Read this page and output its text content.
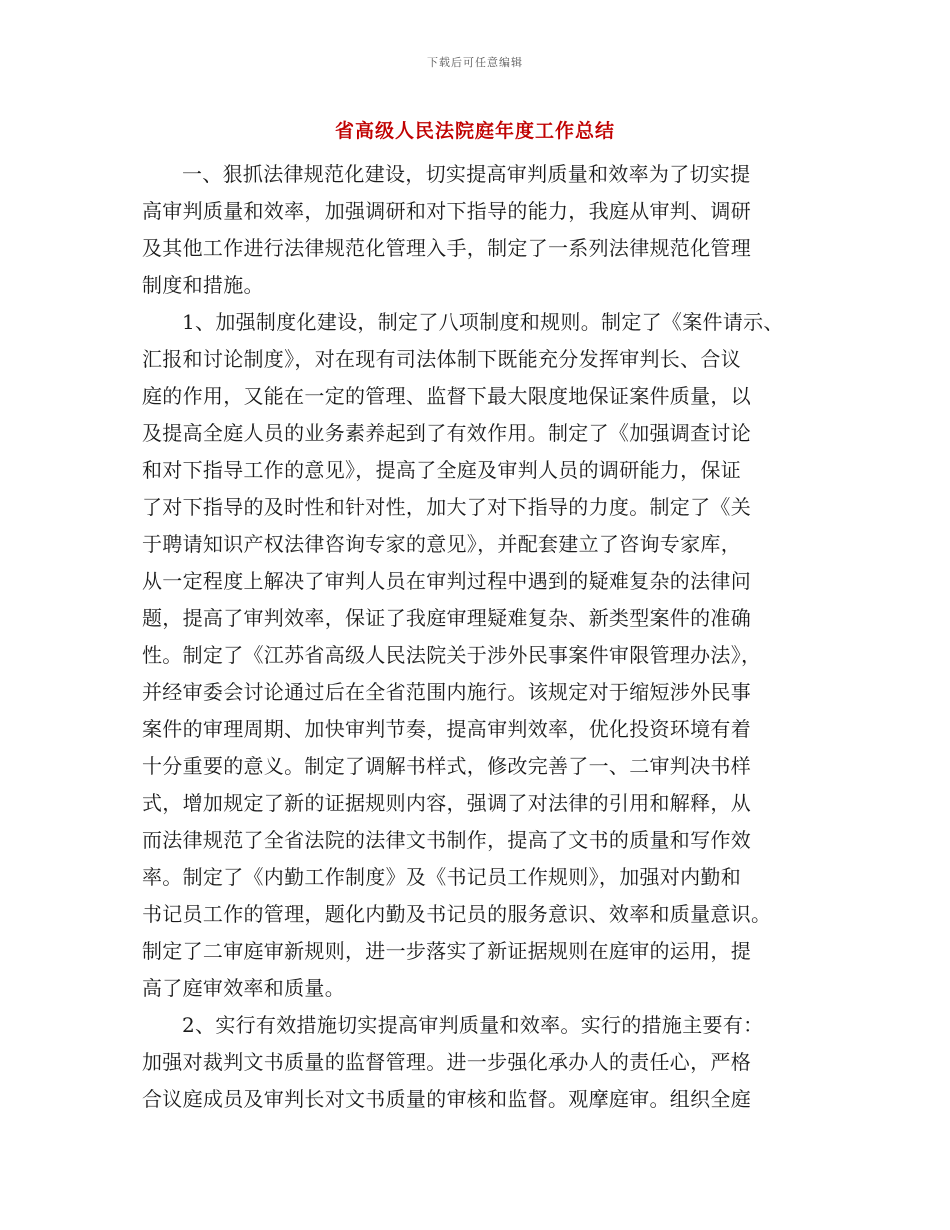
下载后可任意编辑
省高级人民法院庭年度工作总结
一、狠抓法律规范化建设，切实提高审判质量和效率为了切实提
高审判质量和效率，加强调研和对下指导的能力，我庭从审判、调研
及其他工作进行法律规范化管理入手，制定了一系列法律规范化管理
制度和措施。
1、加强制度化建设，制定了八项制度和规则。制定了《案件请示、
汇报和讨论制度》，对在现有司法体制下既能充分发挥审判长、合议
庭的作用，又能在一定的管理、监督下最大限度地保证案件质量，以
及提高全庭人员的业务素养起到了有效作用。制定了《加强调查讨论
和对下指导工作的意见》，提高了全庭及审判人员的调研能力，保证
了对下指导的及时性和针对性，加大了对下指导的力度。制定了《关
于聘请知识产权法律咨询专家的意见》，并配套建立了咨询专家库，
从一定程度上解决了审判人员在审判过程中遇到的疑难复杂的法律问
题，提高了审判效率，保证了我庭审理疑难复杂、新类型案件的准确
性。制定了《江苏省高级人民法院关于涉外民事案件审限管理办法》，
并经审委会讨论通过后在全省范围内施行。该规定对于缩短涉外民事
案件的审理周期、加快审判节奏，提高审判效率，优化投资环境有着
十分重要的意义。制定了调解书样式，修改完善了一、二审判决书样
式，增加规定了新的证据规则内容，强调了对法律的引用和解释，从
而法律规范了全省法院的法律文书制作，提高了文书的质量和写作效
率。制定了《内勤工作制度》及《书记员工作规则》，加强对内勤和
书记员工作的管理，题化内勤及书记员的服务意识、效率和质量意识。
制定了二审庭审新规则，进一步落实了新证据规则在庭审的运用，提
高了庭审效率和质量。
2、实行有效措施切实提高审判质量和效率。实行的措施主要有：
加强对裁判文书质量的监督管理。进一步强化承办人的责任心，严格
合议庭成员及审判长对文书质量的审核和监督。观摩庭审。组织全庭
